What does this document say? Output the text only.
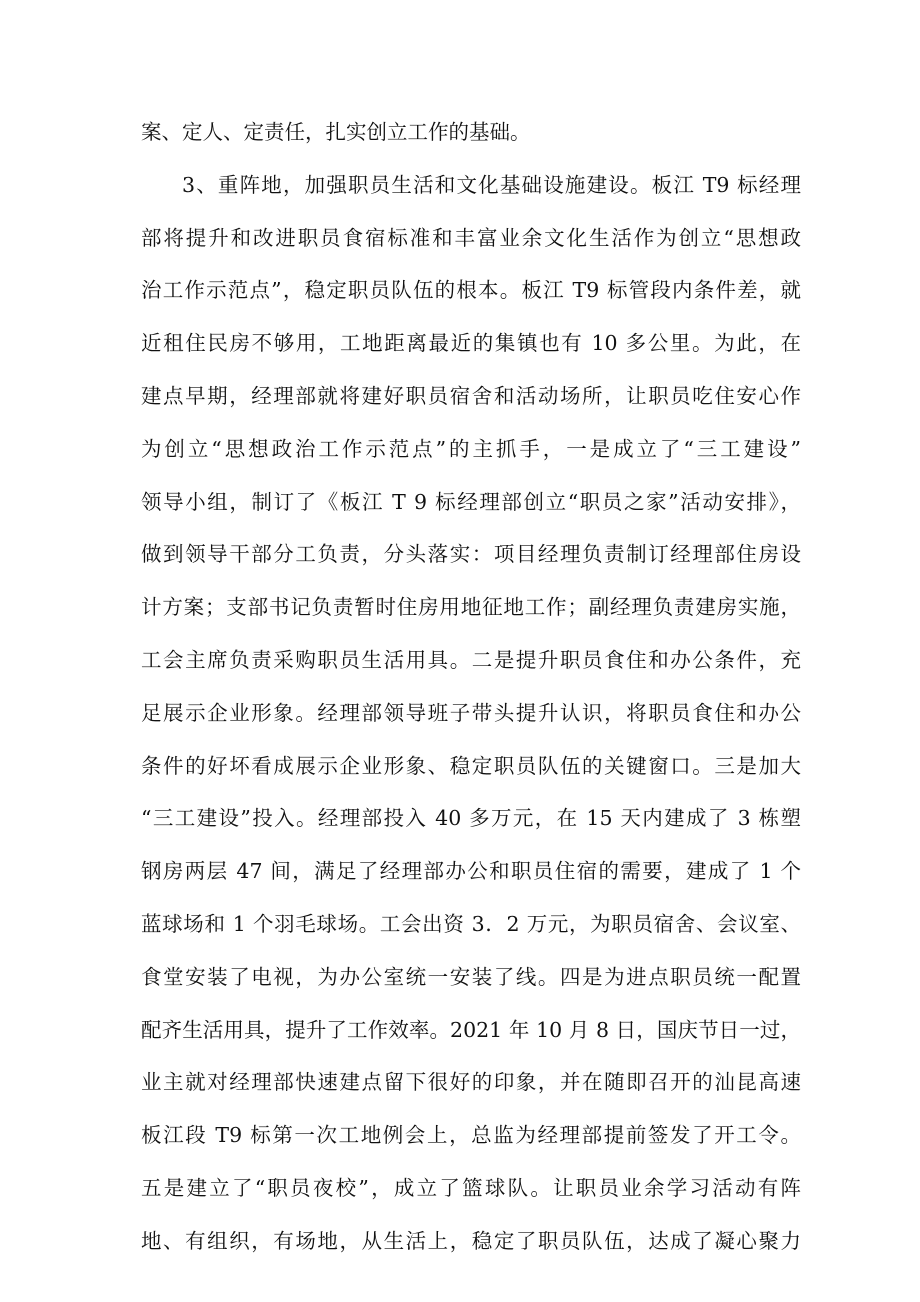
案、定人、定责任，扎实创立工作的基础。
3、重阵地，加强职员生活和文化基础设施建设。板江 T9 标经理
部将提升和改进职员食宿标准和丰富业余文化生活作为创立“思想政
治工作示范点”，稳定职员队伍的根本。板江 T9 标管段内条件差，就
近租住民房不够用，工地距离最近的集镇也有 10 多公里。为此，在
建点早期，经理部就将建好职员宿舍和活动场所，让职员吃住安心作
为创立“思想政治工作示范点”的主抓手，一是成立了“三工建设”
领导小组，制订了《板江 T 9 标经理部创立“职员之家”活动安排》，
做到领导干部分工负责，分头落实：项目经理负责制订经理部住房设
计方案；支部书记负责暂时住房用地征地工作；副经理负责建房实施，
工会主席负责采购职员生活用具。二是提升职员食住和办公条件，充
足展示企业形象。经理部领导班子带头提升认识，将职员食住和办公
条件的好坏看成展示企业形象、稳定职员队伍的关键窗口。三是加大
“三工建设”投入。经理部投入 40 多万元，在 15 天内建成了 3 栋塑
钢房两层 47 间，满足了经理部办公和职员住宿的需要，建成了 1 个
蓝球场和 1 个羽毛球场。工会出资 3．2 万元，为职员宿舍、会议室、
食堂安装了电视，为办公室统一安装了线。四是为进点职员统一配置
配齐生活用具，提升了工作效率。2021 年 10 月 8 日，国庆节日一过，
业主就对经理部快速建点留下很好的印象，并在随即召开的汕昆高速
板江段 T9 标第一次工地例会上，总监为经理部提前签发了开工令。
五是建立了“职员夜校”，成立了篮球队。让职员业余学习活动有阵
地、有组织，有场地，从生活上，稳定了职员队伍，达成了凝心聚力
